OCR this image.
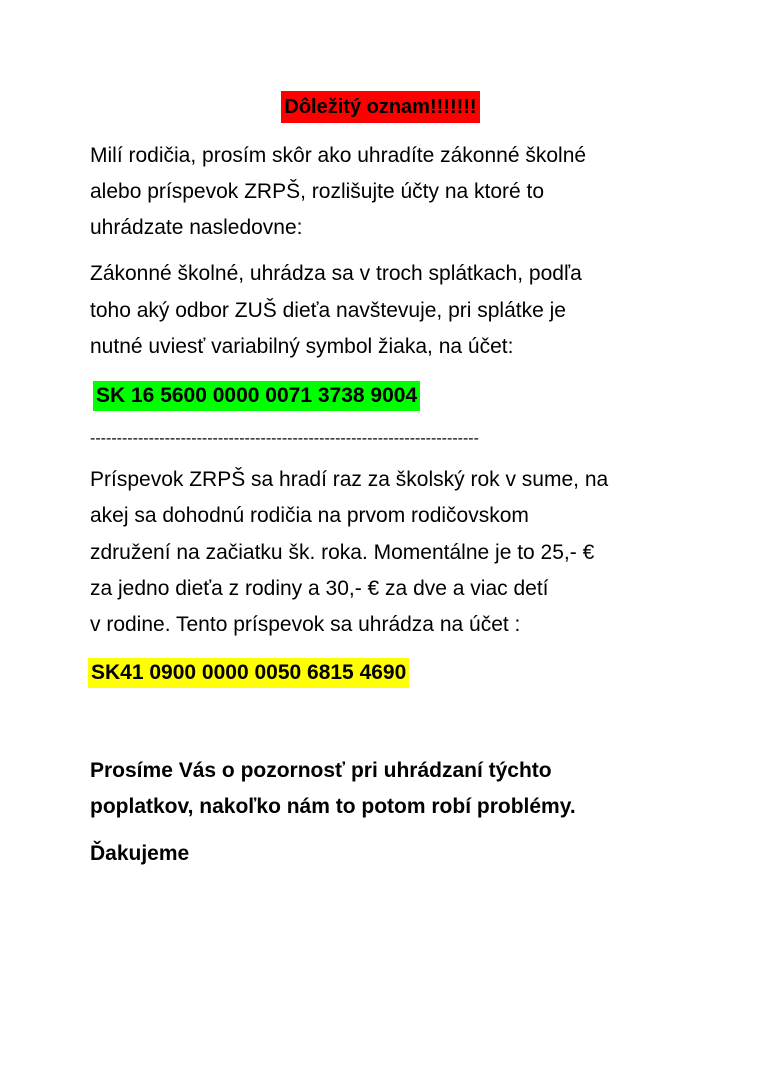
Dôležitý oznam!!!!!!!
Milí rodičia, prosím skôr ako uhradíte zákonné školné
alebo príspevok ZRPŠ, rozlišujte účty na ktoré to
uhrádzate nasledovne:
Zákonné školné, uhrádza sa v troch splátkach, podľa
toho aký odbor ZUŠ dieťa navštevuje, pri splátke je
nutné uviesť variabilný symbol žiaka, na účet:
SK 16 5600 0000 0071 3738 9004
-------------------------------------------------------------------------
Príspevok ZRPŠ sa hradí raz za školský rok v sume, na
akej sa dohodnú rodičia na prvom rodičovskom
združení na začiatku šk. roka. Momentálne je to 25,- €
za jedno dieťa z rodiny a 30,- € za dve a viac detí
v rodine. Tento príspevok sa uhrádza na účet :
SK41 0900 0000 0050 6815 4690
Prosíme Vás o pozornosť pri uhrádzaní týchto
poplatkov, nakoľko nám to potom robí problémy.
Ďakujeme
